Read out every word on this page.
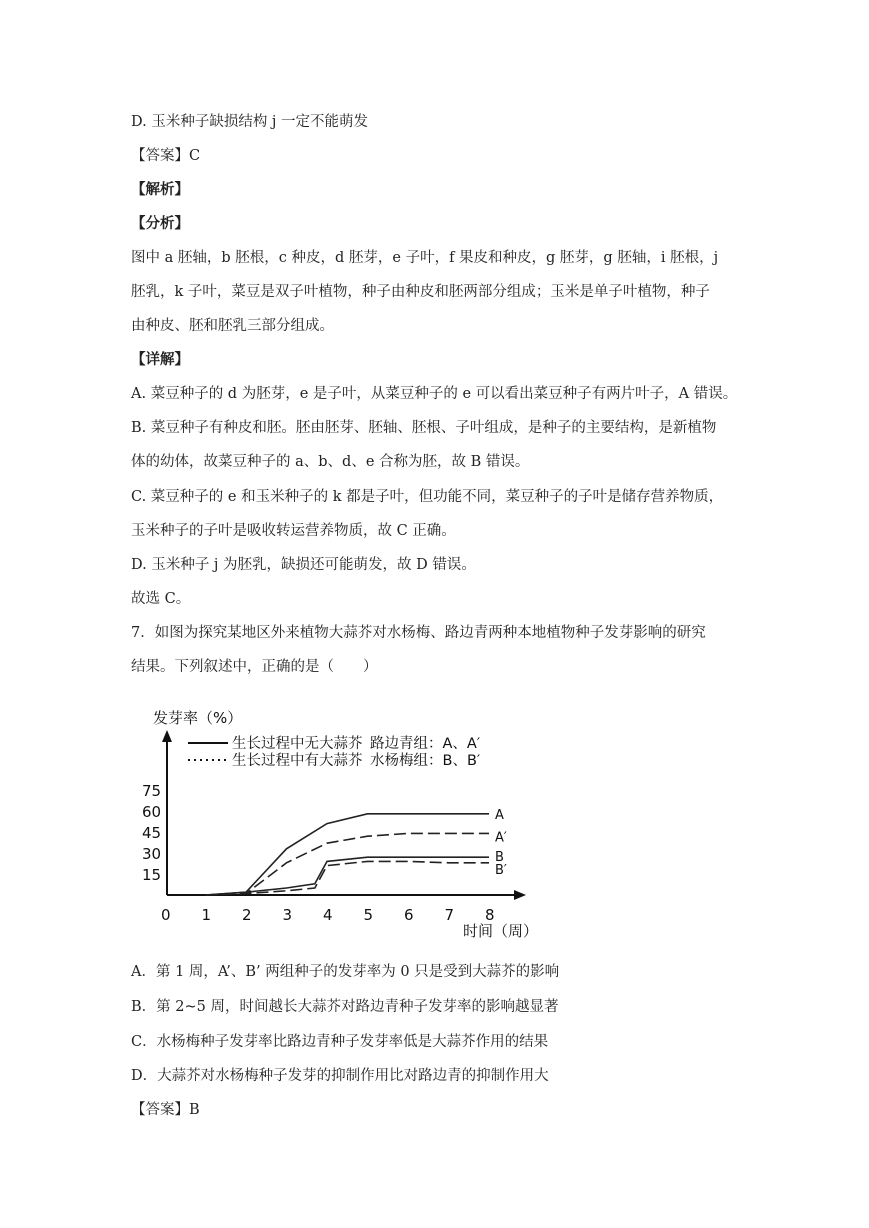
D. 玉米种子缺损结构 j 一定不能萌发
【答案】C
【解析】
【分析】
图中 a 胚轴，b 胚根，c 种皮，d 胚芽，e 子叶，f 果皮和种皮，g 胚芽，g 胚轴，i 胚根，j
胚乳，k 子叶，菜豆是双子叶植物，种子由种皮和胚两部分组成；玉米是单子叶植物，种子
由种皮、胚和胚乳三部分组成。
【详解】
A. 菜豆种子的 d 为胚芽，e 是子叶，从菜豆种子的 e 可以看出菜豆种子有两片叶子，A 错误。
B. 菜豆种子有种皮和胚。胚由胚芽、胚轴、胚根、子叶组成，是种子的主要结构，是新植物
体的幼体，故菜豆种子的 a、b、d、e 合称为胚，故 B 错误。
C. 菜豆种子的 e 和玉米种子的 k 都是子叶，但功能不同，菜豆种子的子叶是储存营养物质，
玉米种子的子叶是吸收转运营养物质，故 C 正确。
D. 玉米种子 j 为胚乳，缺损还可能萌发，故 D 错误。
故选 C。
7．如图为探究某地区外来植物大蒜芥对水杨梅、路边青两种本地植物种子发芽影响的研究
结果。下列叙述中，正确的是（　　）
发芽率（%）
时间（周）
生长过程中无大蒜芥 路边青组：A、A′
生长过程中有大蒜芥 水杨梅组：B、B′
75
60
45
30
15
0 1 2 3 4 5 6 7 8
A
A′
B
B′
A．第 1 周，A’、B’ 两组种子的发芽率为 0 只是受到大蒜芥的影响
B．第 2~5 周，时间越长大蒜芥对路边青种子发芽率的影响越显著
C．水杨梅种子发芽率比路边青种子发芽率低是大蒜芥作用的结果
D．大蒜芥对水杨梅种子发芽的抑制作用比对路边青的抑制作用大
【答案】B
